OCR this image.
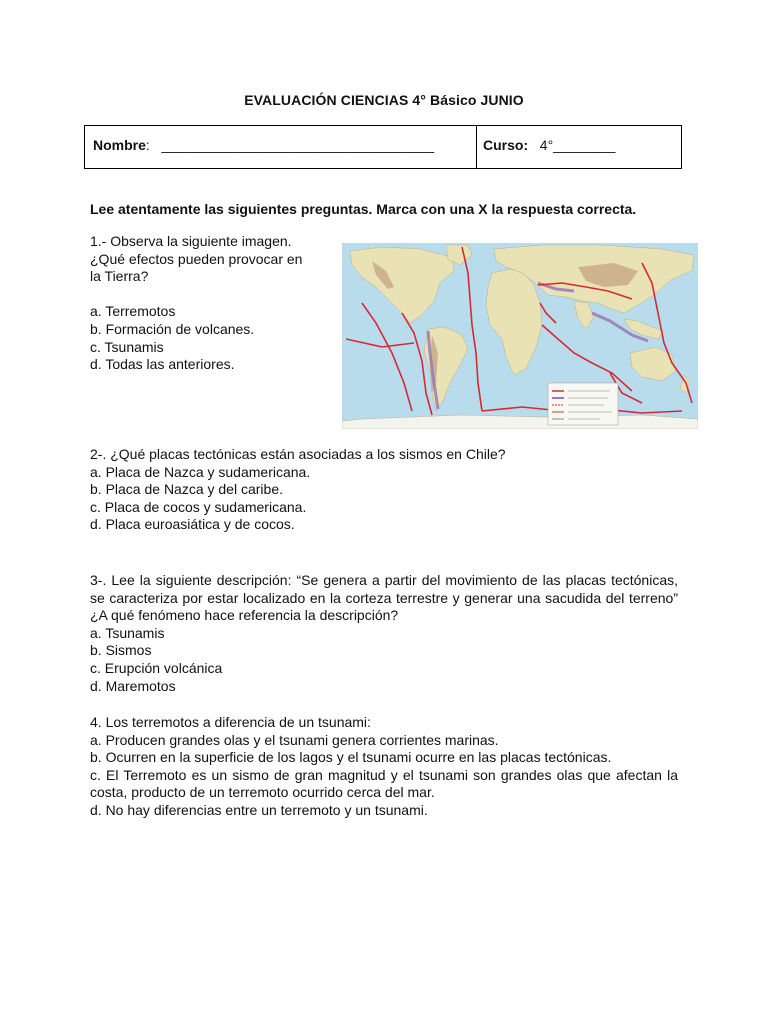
EVALUACIÓN CIENCIAS 4° Básico JUNIO
Nombre: ___________________________________	Curso: 4°________
Lee atentamente las siguientes preguntas. Marca con una X la respuesta correcta.

1.- Observa la siguiente imagen.

¿Qué efectos pueden provocar en

la Tierra?

a. Terremotos

b. Formación de volcanes.

c. Tsunamis

d. Todas las anteriores.

2-. ¿Qué placas tectónicas están asociadas a los sismos en Chile?

a. Placa de Nazca y sudamericana.

b. Placa de Nazca y del caribe.

c. Placa de cocos y sudamericana.

d. Placa euroasiática y de cocos.

3-. Lee la siguiente descripción: “Se genera a partir del movimiento de las placas tectónicas, se caracteriza por estar localizado en la corteza terrestre y generar una sacudida del terreno” ¿A qué fenómeno hace referencia la descripción?

a. Tsunamis

b. Sismos

c. Erupción volcánica

d. Maremotos

4. Los terremotos a diferencia de un tsunami:

a. Producen grandes olas y el tsunami genera corrientes marinas.

b. Ocurren en la superficie de los lagos y el tsunami ocurre en las placas tectónicas.

c. El Terremoto es un sismo de gran magnitud y el tsunami son grandes olas que afectan la costa, producto de un terremoto ocurrido cerca del mar.

d. No hay diferencias entre un terremoto y un tsunami.
